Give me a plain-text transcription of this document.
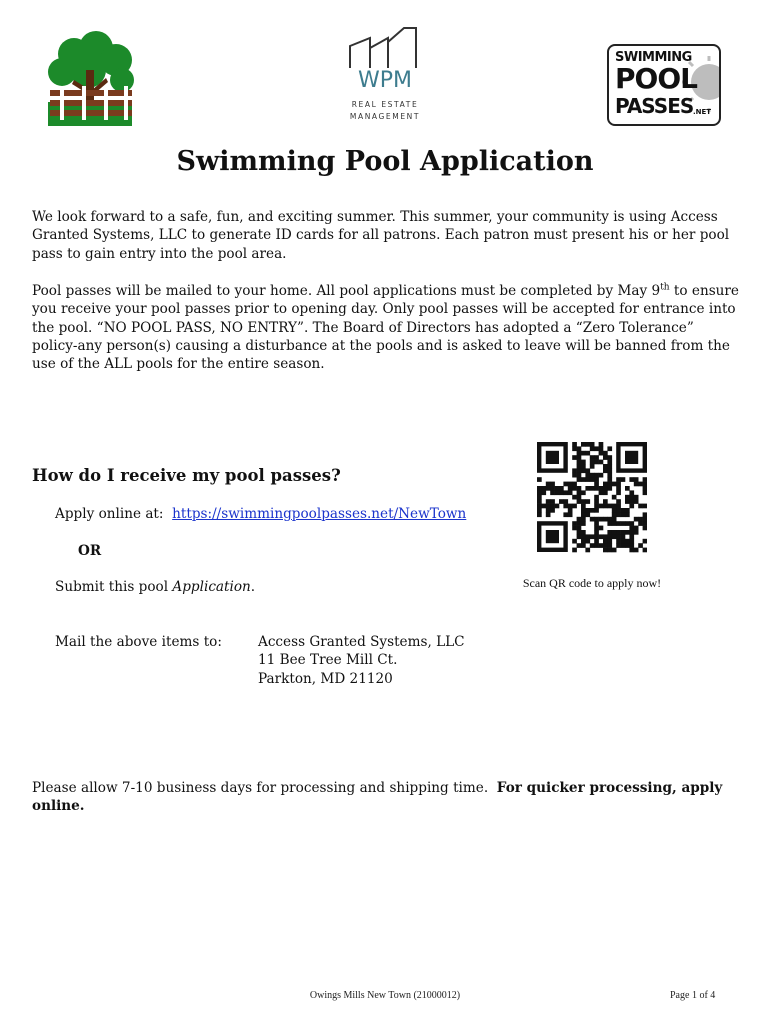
WPM
REAL ESTATE
MANAGEMENT
SWIMMING
POOL
PASSES .NET
Swimming Pool Application
We look forward to a safe, fun, and exciting summer. This summer, your community is using Access Granted Systems, LLC to generate ID cards for all patrons. Each patron must present his or her pool pass to gain entry into the pool area.
Pool passes will be mailed to your home. All pool applications must be completed by May 9th to ensure you receive your pool passes prior to opening day. Only pool passes will be accepted for entrance into the pool. “NO POOL PASS, NO ENTRY”. The Board of Directors has adopted a “Zero Tolerance” policy-any person(s) causing a disturbance at the pools and is asked to leave will be banned from the use of the ALL pools for the entire season.
How do I receive my pool passes?
Apply online at: https://swimmingpoolpasses.net/NewTown
OR
Submit this pool Application.	Scan QR code to apply now!
Mail the above items to:	Access Granted Systems, LLC
11 Bee Tree Mill Ct.
Parkton, MD 21120
Please allow 7-10 business days for processing and shipping time. For quicker processing, apply online.
Owings Mills New Town (21000012)	Page 1 of 4
